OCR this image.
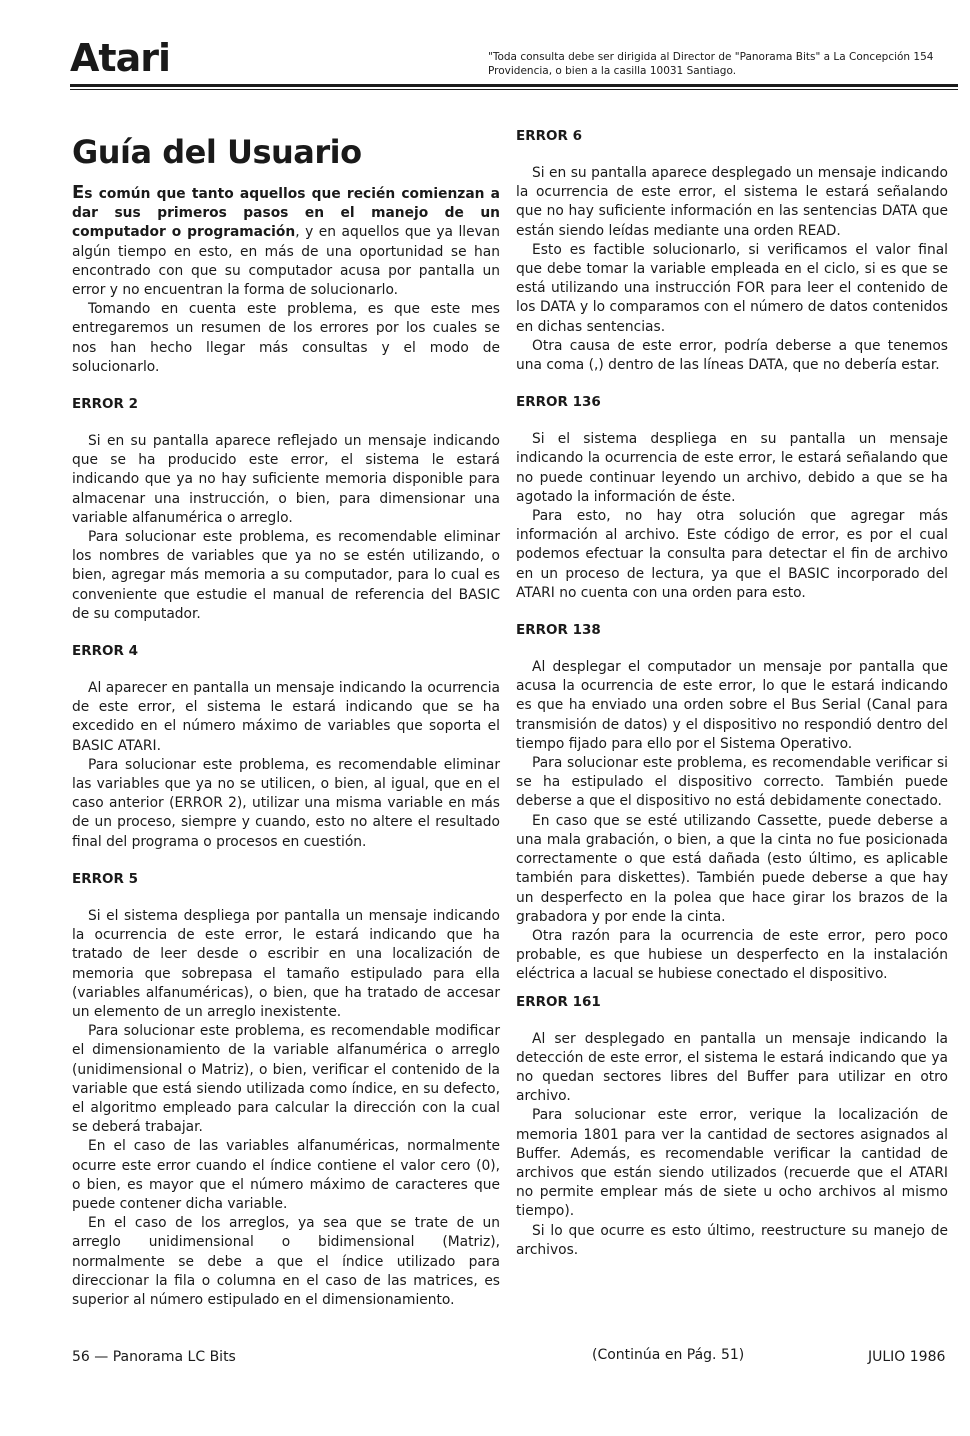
Atari	"Toda consulta debe ser dirigida al Director de "Panorama Bits" a La Concepción 154 Providencia, o bien a la casilla 10031 Santiago.
Guía del Usuario

Es común que tanto aquellos que recién comienzan a dar sus primeros pasos en el manejo de un computador o programación, y en aquellos que ya llevan algún tiempo en esto, en más de una oportunidad se han encontrado con que su computador acusa por pantalla un error y no encuentran la forma de solucionarlo.

Tomando en cuenta este problema, es que este mes entregaremos un resumen de los errores por los cuales se nos han hecho llegar más consultas y el modo de solucionarlo.

ERROR 2

Si en su pantalla aparece reflejado un mensaje indicando que se ha producido este error, el sistema le estará indicando que ya no hay suficiente memoria disponible para almacenar una instrucción, o bien, para dimensionar una variable alfanumérica o arreglo.

Para solucionar este problema, es recomendable eliminar los nombres de variables que ya no se estén utilizando, o bien, agregar más memoria a su computador, para lo cual es conveniente que estudie el manual de referencia del BASIC de su computador.

ERROR 4

Al aparecer en pantalla un mensaje indicando la ocurrencia de este error, el sistema le estará indicando que se ha excedido en el número máximo de variables que soporta el BASIC ATARI.

Para solucionar este problema, es recomendable eliminar las variables que ya no se utilicen, o bien, al igual, que en el caso anterior (ERROR 2), utilizar una misma variable en más de un proceso, siempre y cuando, esto no altere el resultado final del programa o procesos en cuestión.

ERROR 5

Si el sistema despliega por pantalla un mensaje indicando la ocurrencia de este error, le estará indicando que ha tratado de leer desde o escribir en una localización de memoria que sobrepasa el tamaño estipulado para ella (variables alfanuméricas), o bien, que ha tratado de accesar un elemento de un arreglo inexistente.

Para solucionar este problema, es recomendable modificar el dimensionamiento de la variable alfanumérica o arreglo (unidimensional o Matriz), o bien, verificar el contenido de la variable que está siendo utilizada como índice, en su defecto, el algoritmo empleado para calcular la dirección con la cual se deberá trabajar.

En el caso de las variables alfanuméricas, normalmente ocurre este error cuando el índice contiene el valor cero (0), o bien, es mayor que el número máximo de caracteres que puede contener dicha variable.

En el caso de los arreglos, ya sea que se trate de un arreglo unidimensional o bidimensional (Matriz), normalmente se debe a que el índice utilizado para direccionar la fila o columna en el caso de las matrices, es superior al número estipulado en el dimensionamiento.

ERROR 6

Si en su pantalla aparece desplegado un mensaje indicando la ocurrencia de este error, el sistema le estará señalando que no hay suficiente información en las sentencias DATA que están siendo leídas mediante una orden READ.

Esto es factible solucionarlo, si verificamos el valor final que debe tomar la variable empleada en el ciclo, si es que se está utilizando una instrucción FOR para leer el contenido de los DATA y lo comparamos con el número de datos contenidos en dichas sentencias.

Otra causa de este error, podría deberse a que tenemos una coma (,) dentro de las líneas DATA, que no debería estar.

ERROR 136

Si el sistema despliega en su pantalla un mensaje indicando la ocurrencia de este error, le estará señalando que no puede continuar leyendo un archivo, debido a que se ha agotado la información de éste.

Para esto, no hay otra solución que agregar más información al archivo. Este código de error, es por el cual podemos efectuar la consulta para detectar el fin de archivo en un proceso de lectura, ya que el BASIC incorporado del ATARI no cuenta con una orden para esto.

ERROR 138

Al desplegar el computador un mensaje por pantalla que acusa la ocurrencia de este error, lo que le estará indicando es que ha enviado una orden sobre el Bus Serial (Canal para transmisión de datos) y el dispositivo no respondió dentro del tiempo fijado para ello por el Sistema Operativo.

Para solucionar este problema, es recomendable verificar si se ha estipulado el dispositivo correcto. También puede deberse a que el dispositivo no está debidamente conectado.

En caso que se esté utilizando Cassette, puede deberse a una mala grabación, o bien, a que la cinta no fue posicionada correctamente o que está dañada (esto último, es aplicable también para diskettes). También puede deberse a que hay un desperfecto en la polea que hace girar los brazos de la grabadora y por ende la cinta.

Otra razón para la ocurrencia de este error, pero poco probable, es que hubiese un desperfecto en la instalación eléctrica a lacual se hubiese conectado el dispositivo.

ERROR 161

Al ser desplegado en pantalla un mensaje indicando la detección de este error, el sistema le estará indicando que ya no quedan sectores libres del Buffer para utilizar en otro archivo.

Para solucionar este error, verique la localización de memoria 1801 para ver la cantidad de sectores asignados al Buffer. Además, es recomendable verificar la cantidad de archivos que están siendo utilizados (recuerde que el ATARI no permite emplear más de siete u ocho archivos al mismo tiempo).

Si lo que ocurre es esto último, reestructure su manejo de archivos.

56 — Panorama LC Bits	(Continúa en Pág. 51)	JULIO 1986
